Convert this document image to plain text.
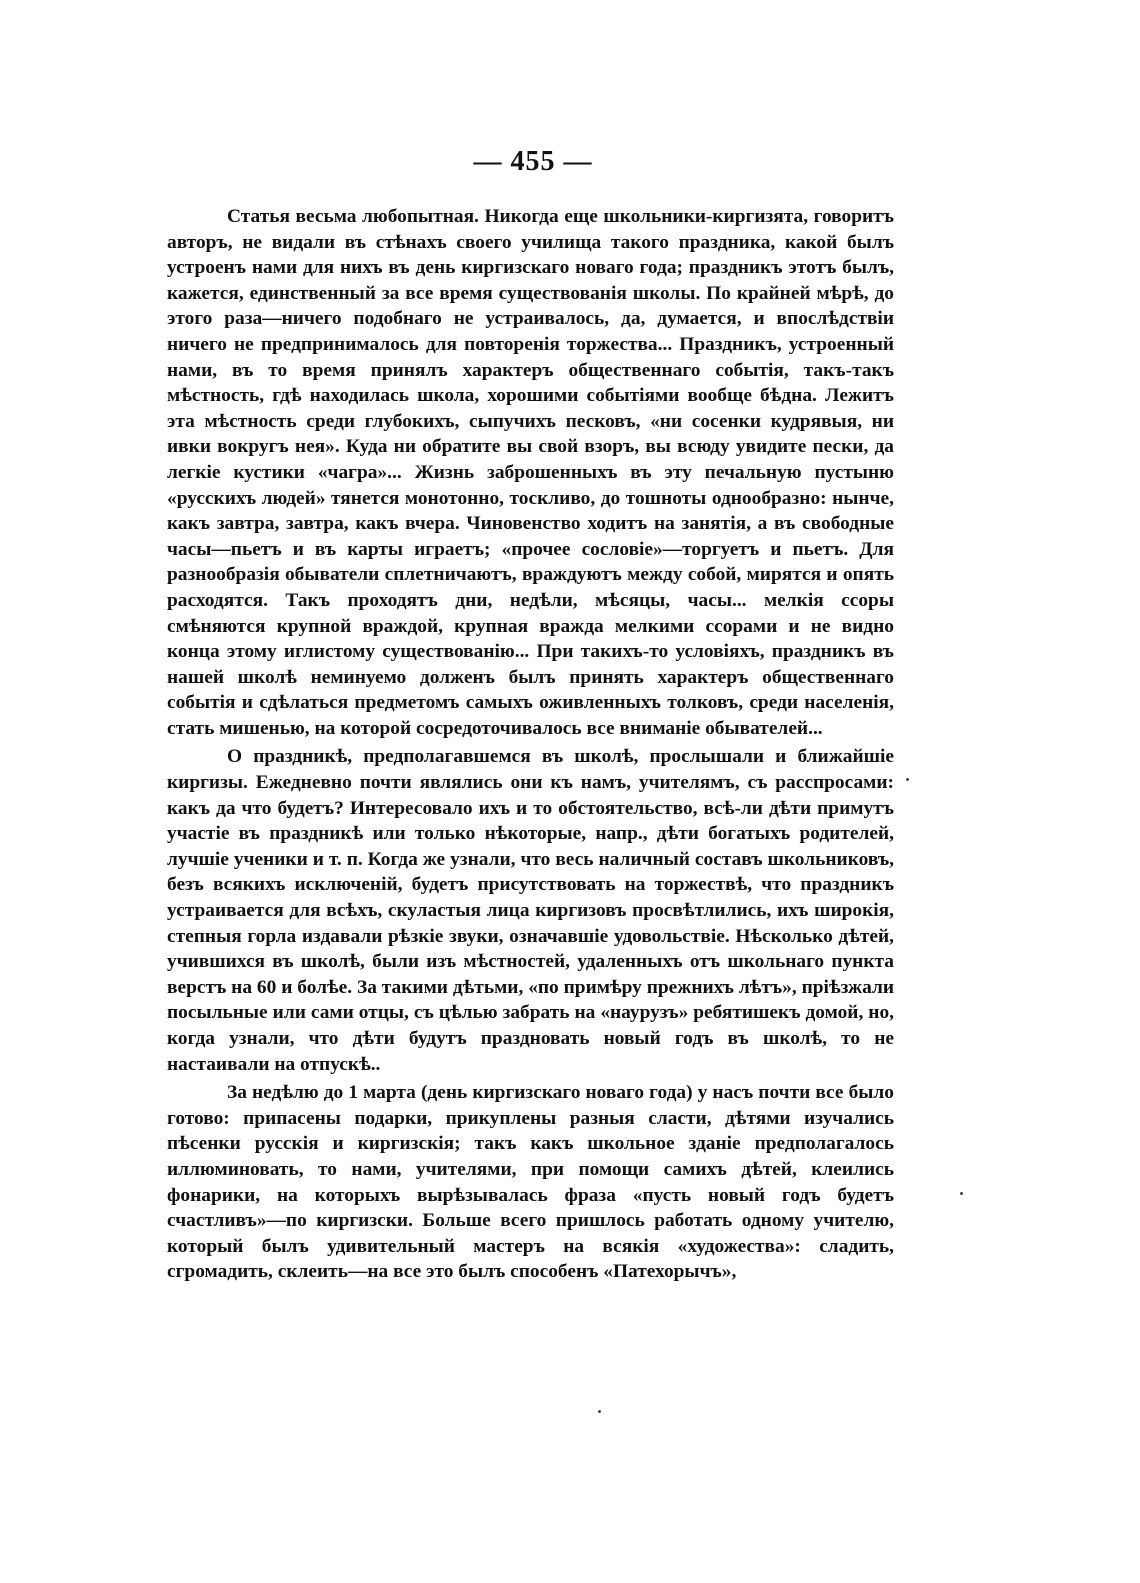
— 455 —

Статья весьма любопытная. Никогда еще школьники-киргизята, говоритъ авторъ, не видали въ стѣнахъ своего училища такого праздника, какой былъ устроенъ нами для нихъ въ день киргизскаго новаго года; праздникъ этотъ былъ, кажется, единственный за все время существованія школы. По крайней мѣрѣ, до этого раза—ничего подобнаго не устраивалось, да, думается, и впослѣдствіи ничего не предпринималось для повторенія торжества... Праздникъ, устроенный нами, въ то время принялъ характеръ общественнаго событія, такъ-такъ мѣстность, гдѣ находилась школа, хорошими событіями вообще бѣдна. Лежитъ эта мѣстность среди глубокихъ, сыпучихъ песковъ, «ни сосенки кудрявыя, ни ивки вокругъ нея». Куда ни обратите вы свой взоръ, вы всюду увидите пески, да легкіе кустики «чагра»... Жизнь заброшенныхъ въ эту печальную пустыню «русскихъ людей» тянется монотонно, тоскливо, до тошноты однообразно: нынче, какъ завтра, завтра, какъ вчера. Чиновенство ходитъ на занятія, а въ свободные часы—пьетъ и въ карты играетъ; «прочее сословіе»—торгуетъ и пьетъ. Для разнообразія обыватели сплетничаютъ, враждуютъ между собой, мирятся и опять расходятся. Такъ проходятъ дни, недѣли, мѣсяцы, часы... мелкія ссоры смѣняются крупной враждой, крупная вражда мелкими ссорами и не видно конца этому иглистому существованію... При такихъ-то условіяхъ, праздникъ въ нашей школѣ неминуемо долженъ былъ принять характеръ общественнаго событія и сдѣлаться предметомъ самыхъ оживленныхъ толковъ, среди населенія, стать мишенью, на которой сосредоточивалось все вниманіе обывателей...

О праздникѣ, предполагавшемся въ школѣ, прослышали и ближайшіе киргизы. Ежедневно почти являлись они къ намъ, учителямъ, съ расспросами: какъ да что будетъ? Интересовало ихъ и то обстоятельство, всѣ-ли дѣти примутъ участіе въ праздникѣ или только нѣкоторые, напр., дѣти богатыхъ родителей, лучшіе ученики и т. п. Когда же узнали, что весь наличный составъ школьниковъ, безъ всякихъ исключеній, будетъ присутствовать на торжествѣ, что праздникъ устраивается для всѣхъ, скуластыя лица киргизовъ просвѣтлились, ихъ широкія, степныя горла издавали рѣзкіе звуки, означавшіе удовольствіе. Нѣсколько дѣтей, учившихся въ школѣ, были изъ мѣстностей, удаленныхъ отъ школьнаго пункта верстъ на 60 и болѣе. За такими дѣтьми, «по примѣру прежнихъ лѣтъ», пріѣзжали посыльные или сами отцы, съ цѣлью забрать на «наурузъ» ребятишекъ домой, но, когда узнали, что дѣти будутъ праздновать новый годъ въ школѣ, то не настаивали на отпускѣ..

За недѣлю до 1 марта (день киргизскаго новаго года) у насъ почти все было готово: припасены подарки, прикуплены разныя сласти, дѣтями изучались пѣсенки русскія и киргизскія; такъ какъ школьное зданіе предполагалось иллюминовать, то нами, учителями, при помощи самихъ дѣтей, клеились фонарики, на которыхъ вырѣзывалась фраза «пусть новый годъ будетъ счастливъ»—по киргизски. Больше всего пришлось работать одному учителю, который былъ удивительный мастеръ на всякія «художества»: сладить, сгромадить, склеить—на все это былъ способенъ «Патехорычъ»,
